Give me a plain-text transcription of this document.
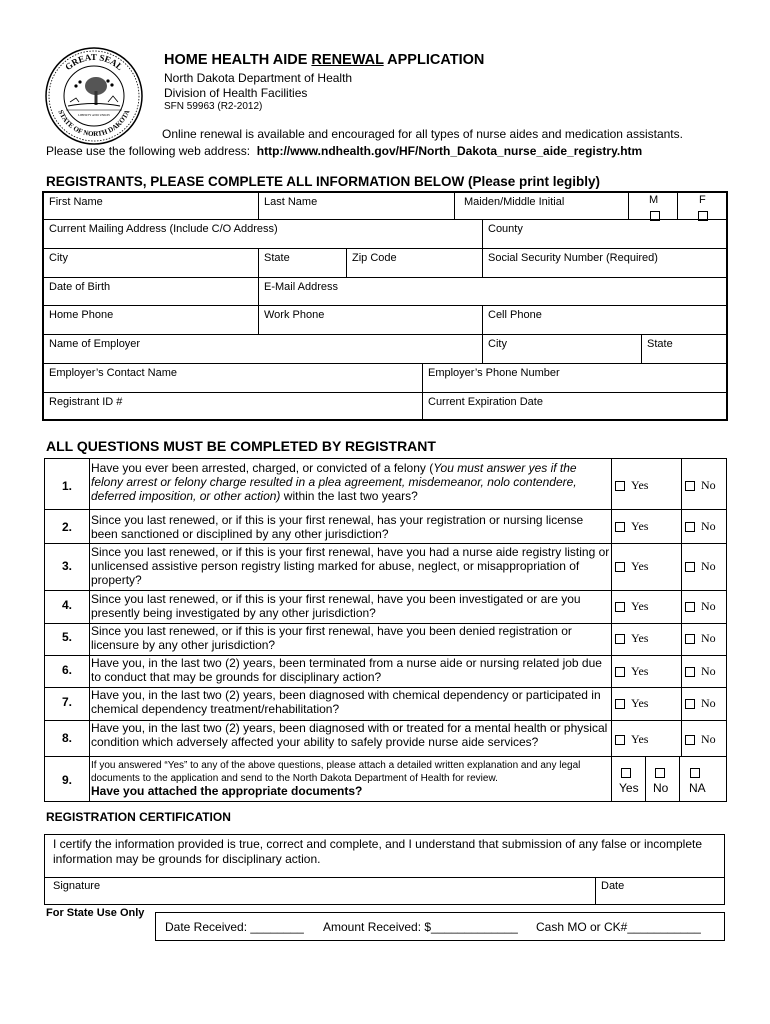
GREAT SEAL
STATE OF NORTH DAKOTA
LIBERTY AND UNION
HOME HEALTH AIDE RENEWAL APPLICATION
North Dakota Department of Health
Division of Health Facilities
SFN 59963 (R2-2012)
Online renewal is available and encouraged for all types of nurse aides and medication assistants.
Please use the following web address: http://www.ndhealth.gov/HF/North_Dakota_nurse_aide_registry.htm
REGISTRANTS, PLEASE COMPLETE ALL INFORMATION BELOW (Please print legibly)
First Name	Last Name	Maiden/Middle Initial	M	F
Current Mailing Address (Include C/O Address)	County
City	State	Zip Code	Social Security Number (Required)
Date of Birth	E-Mail Address
Home Phone	Work Phone	Cell Phone
Name of Employer	City	State
Employer’s Contact Name	Employer’s Phone Number
Registrant ID #	Current Expiration Date
ALL QUESTIONS MUST BE COMPLETED BY REGISTRANT
1.
Have you ever been arrested, charged, or convicted of a felony (You must answer yes if the felony arrest or felony charge resulted in a plea agreement, misdemeanor, nolo contendere, deferred imposition, or other action) within the last two years?
Yes	No
2.	Since you last renewed, or if this is your first renewal, has your registration or nursing license been sanctioned or disciplined by any other jurisdiction?
Yes	No
3.
Since you last renewed, or if this is your first renewal, have you had a nurse aide registry listing or unlicensed assistive person registry listing marked for abuse, neglect, or misappropriation of property?
Yes	No
4.	Since you last renewed, or if this is your first renewal, have you been investigated or are you presently being investigated by any other jurisdiction?	Yes	No
5.	Since you last renewed, or if this is your first renewal, have you been denied registration or licensure by any other jurisdiction?	Yes	No
6.	Have you, in the last two (2) years, been terminated from a nurse aide or nursing related job due to conduct that may be grounds for disciplinary action?	Yes	No
7.	Have you, in the last two (2) years, been diagnosed with chemical dependency or participated in chemical dependency treatment/rehabilitation?	Yes	No
8.
Have you, in the last two (2) years, been diagnosed with or treated for a mental health or physical condition which adversely affected your ability to safely provide nurse aide services?	Yes	No
9.
If you answered “Yes” to any of the above questions, please attach a detailed written explanation and any legal documents to the application and send to the North Dakota Department of Health for review.
Have you attached the appropriate documents?	Yes No NA
REGISTRATION CERTIFICATION
I certify the information provided is true, correct and complete, and I understand that submission of any false or incomplete information may be grounds for disciplinary action.
Signature	Date
For State Use Only
Date Received: ________ Amount Received: $_____________ Cash MO or CK#___________
